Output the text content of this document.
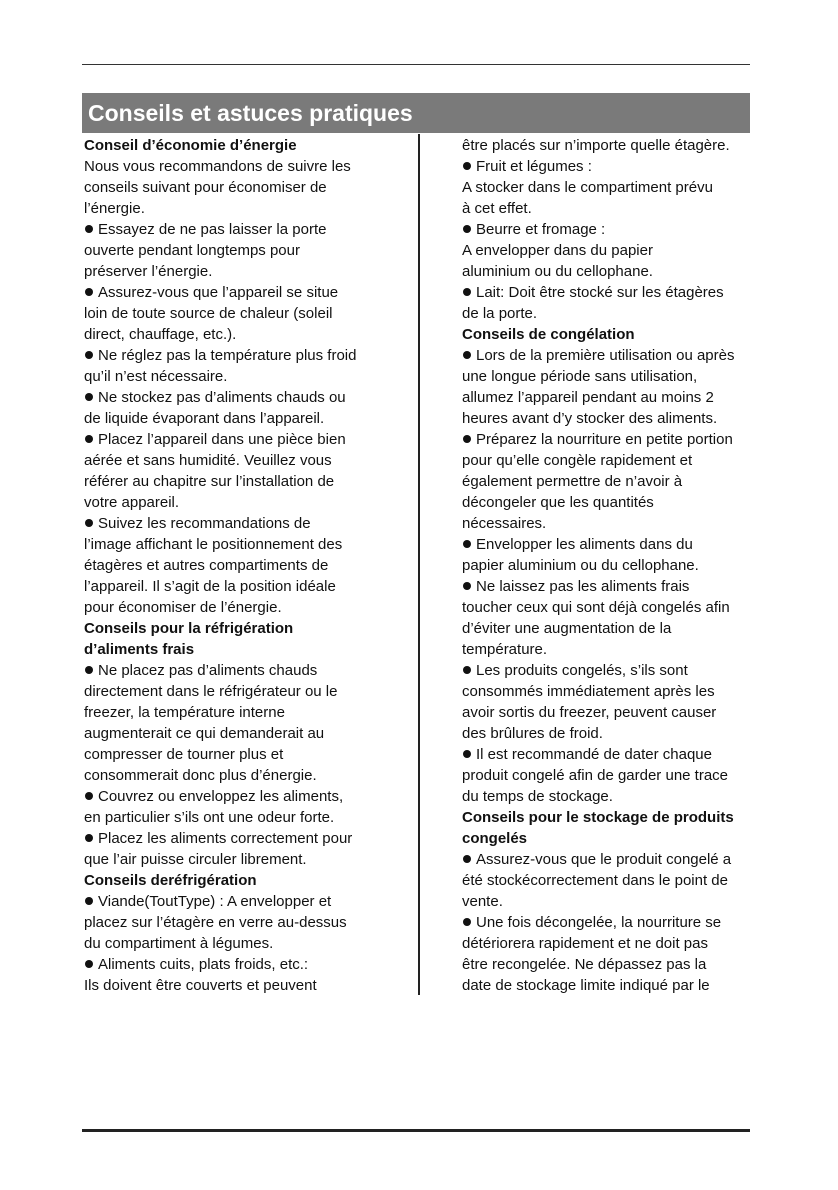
Conseils et astuces pratiques
Conseil d’économie d’énergie
Nous vous recommandons de suivre les
conseils suivant pour économiser de
l’énergie.
Essayez de ne pas laisser la porte
ouverte pendant longtemps pour
préserver l’énergie.
Assurez-vous que l’appareil se situe
loin de toute source de chaleur (soleil
direct, chauffage, etc.).
Ne réglez pas la température plus froid
qu’il n’est nécessaire.
Ne stockez pas d’aliments chauds ou
de liquide évaporant dans l’appareil.
Placez l’appareil dans une pièce bien
aérée et sans humidité. Veuillez vous
référer au chapitre sur l’installation de
votre appareil.
Suivez les recommandations de
l’image affichant le positionnement des
étagères et autres compartiments de
l’appareil. Il s’agit de la position idéale
pour économiser de l’énergie.
Conseils pour la réfrigération
d’aliments frais
Ne placez pas d’aliments chauds
directement dans le réfrigérateur ou le
freezer, la température interne
augmenterait ce qui demanderait au
compresser de tourner plus et
consommerait donc plus d’énergie.
Couvrez ou enveloppez les aliments,
en particulier s’ils ont une odeur forte.
Placez les aliments correctement pour
que l’air puisse circuler librement.
Conseils deréfrigération
Viande(ToutType) : A envelopper et
placez sur l’étagère en verre au-dessus
du compartiment à légumes.
Aliments cuits, plats froids, etc.:
Ils doivent être couverts et peuvent
être placés sur n’importe quelle étagère.
Fruit et légumes :
A stocker dans le compartiment prévu
à cet effet.
Beurre et fromage :
A envelopper dans du papier
aluminium ou du cellophane.
Lait: Doit être stocké sur les étagères
de la porte.
Conseils de congélation
Lors de la première utilisation ou après
une longue période sans utilisation,
allumez l’appareil pendant au moins 2
heures avant d’y stocker des aliments.
Préparez la nourriture en petite portion
pour qu’elle congèle rapidement et
également permettre de n’avoir à
décongeler que les quantités
nécessaires.
Envelopper les aliments dans du
papier aluminium ou du cellophane.
Ne laissez pas les aliments frais
toucher ceux qui sont déjà congelés afin
d’éviter une augmentation de la
température.
Les produits congelés, s’ils sont
consommés immédiatement après les
avoir sortis du freezer, peuvent causer
des brûlures de froid.
Il est recommandé de dater chaque
produit congelé afin de garder une trace
du temps de stockage.
Conseils pour le stockage de produits
congelés
Assurez-vous que le produit congelé a
été stockécorrectement dans le point de
vente.
Une fois décongelée, la nourriture se
détériorera rapidement et ne doit pas
être recongelée. Ne dépassez pas la
date de stockage limite indiqué par le
